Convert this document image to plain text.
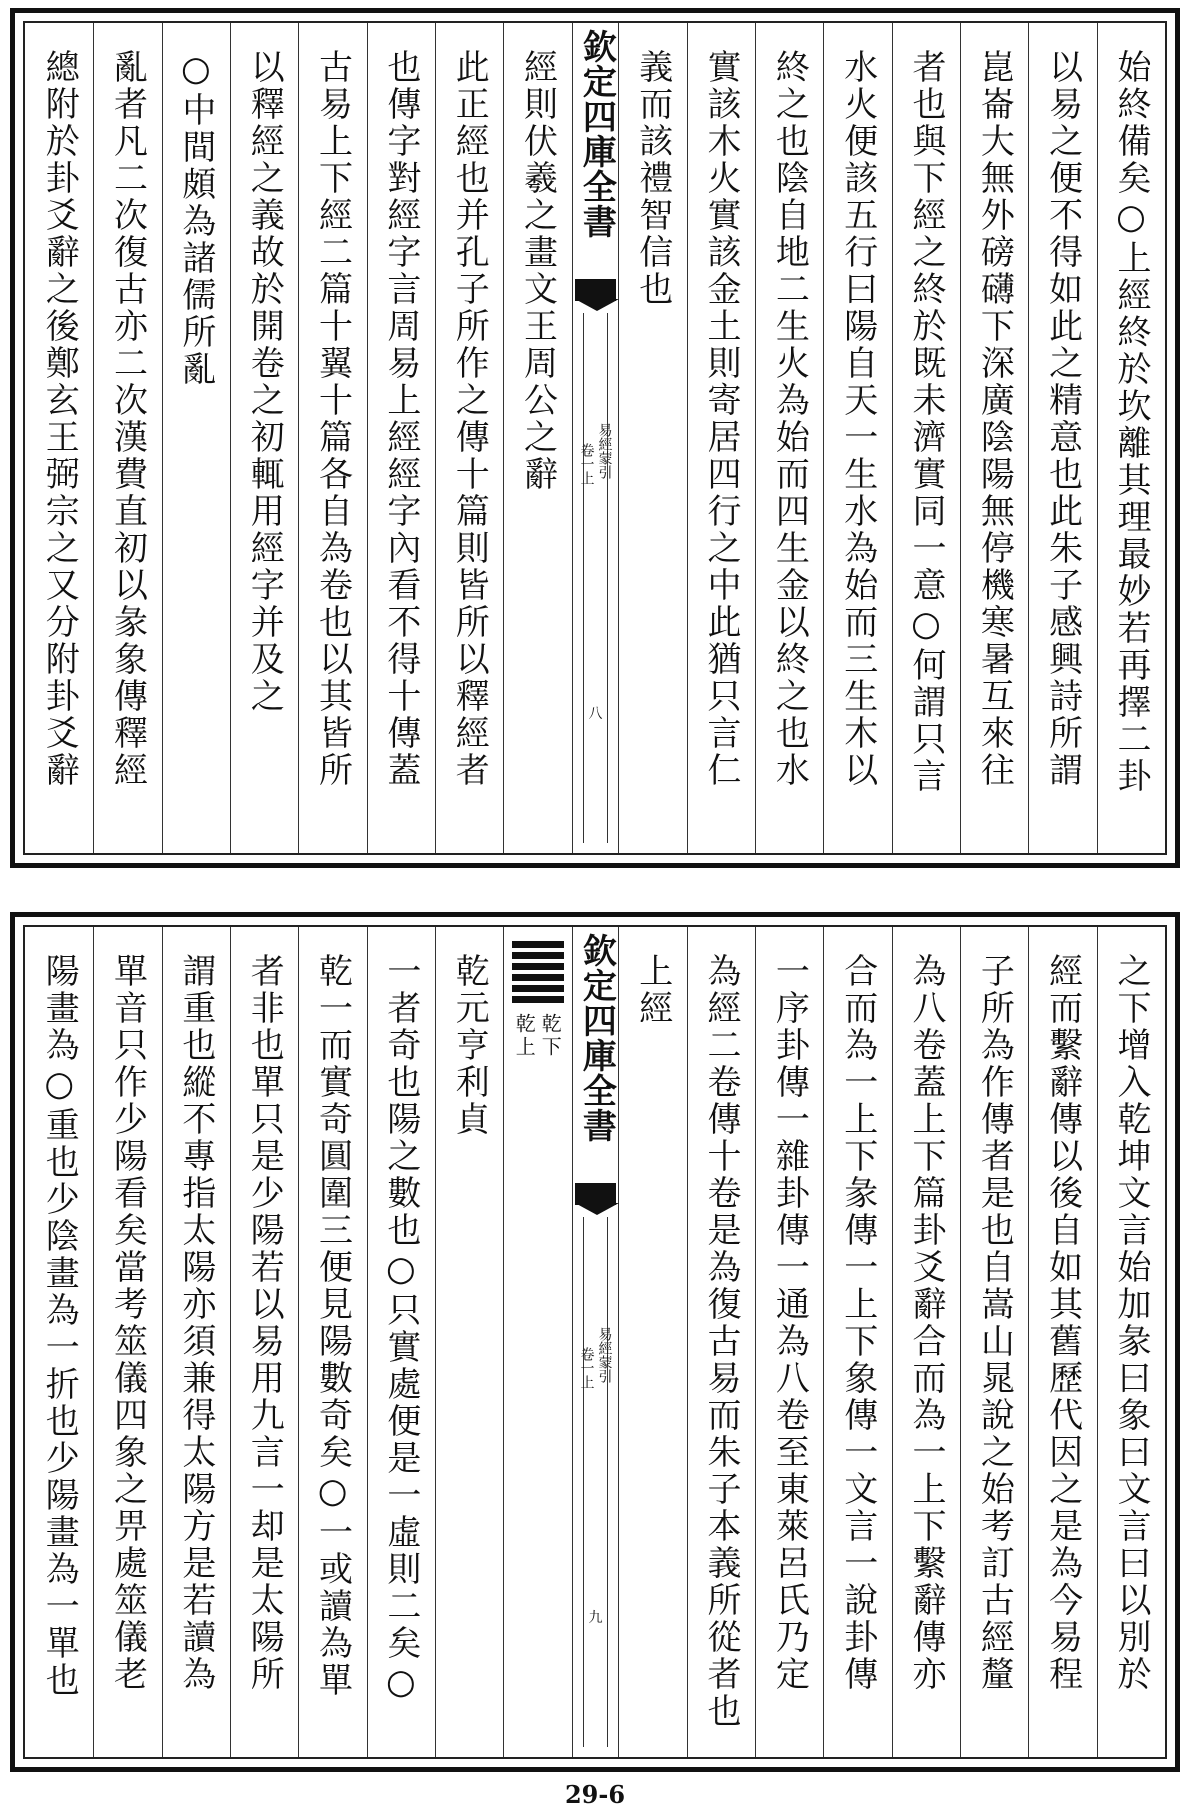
始終備矣○上經終於坎離其理最妙若再擇二卦
以易之便不得如此之精意也此朱子感興詩所謂
崑崙大無外磅礴下深廣陰陽無停機寒暑互來往
者也與下經之終於既未濟實同一意○何謂只言
水火便該五行曰陽自天一生水為始而三生木以
終之也陰自地二生火為始而四生金以終之也水
實該木火實該金土則寄居四行之中此猶只言仁
義而該禮智信也
欽定四庫全書
易經蒙引
卷一上
八
經則伏羲之畫文王周公之辭
此正經也并孔子所作之傳十篇則皆所以釋經者
也傳字對經字言周易上經經字內看不得十傳蓋
古易上下經二篇十翼十篇各自為卷也以其皆所
以釋經之義故於開卷之初輒用經字并及之
○中間頗為諸儒所亂
亂者凡二次復古亦二次漢費直初以彖象傳釋經
總附於卦爻辭之後鄭玄王弼宗之又分附卦爻辭
之下增入乾坤文言始加彖曰象曰文言曰以別於
經而繫辭傳以後自如其舊歷代因之是為今易程
子所為作傳者是也自嵩山晁說之始考訂古經釐
為八卷蓋上下篇卦爻辭合而為一上下繫辭傳亦
合而為一上下彖傳一上下象傳一文言一說卦傳
一序卦傳一雜卦傳一通為八卷至東萊呂氏乃定
為經二卷傳十卷是為復古易而朱子本義所從者也
上經
欽定四庫全書
易經蒙引
卷一上
九
乾下
乾上
乾元亨利貞
一者奇也陽之數也○只實處便是一虛則二矣○
乾一而實奇圓圍三便見陽數奇矣○一或讀為單
者非也單只是少陽若以易用九言一却是太陽所
謂重也縱不專指太陽亦須兼得太陽方是若讀為
單音只作少陽看矣當考筮儀四象之畀處筮儀老
陽畫為○重也少陰畫為一折也少陽畫為一單也
29-6
